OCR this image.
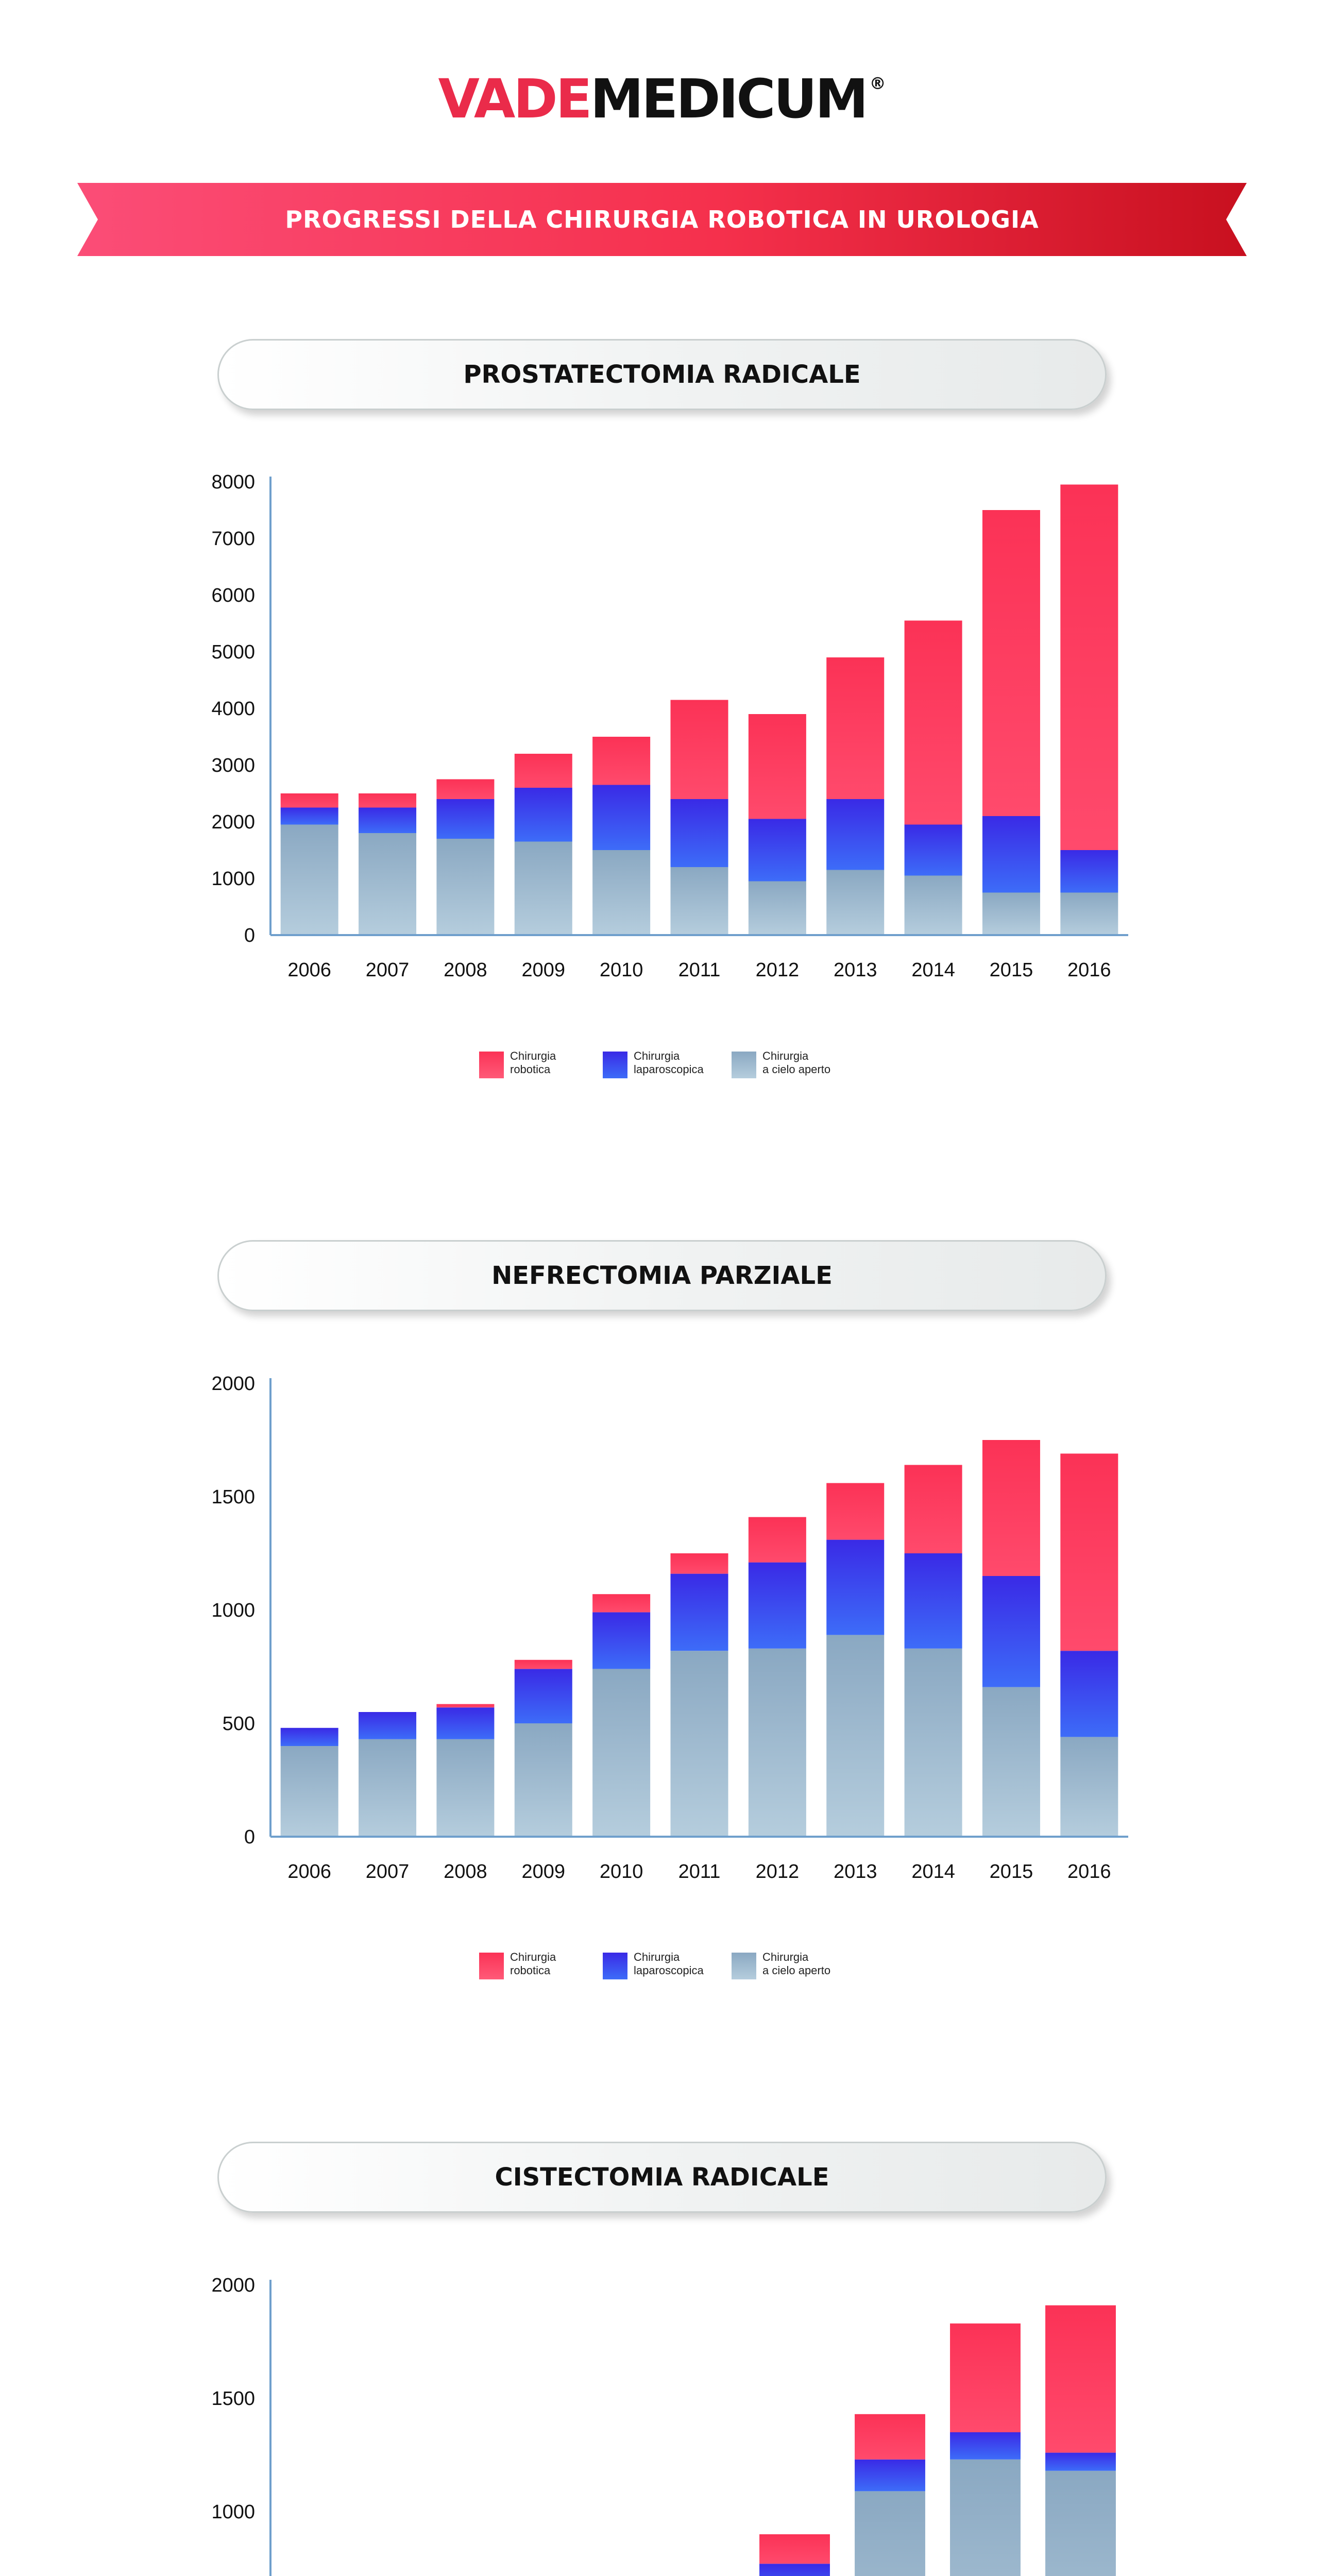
VADEMEDICUM ®
PROGRESSI DELLA CHIRURGIA ROBOTICA IN UROLOGIA
PROSTATECTOMIA RADICALE
NEFRECTOMIA PARZIALE
CISTECTOMIA RADICALE
2006 2007 2008 2009 2010 2011 2012 2013 2014 2015 2016
0
1000
2000
3000
4000
5000
6000
7000
8000
2006 2007 2008 2009 2010 2011 2012 2013 2014 2015 2016
0
500
1000
1500
2000
1000
1500
2000
Chirurgia
robotica
Chirurgia
laparoscopica
Chirurgia
a cielo aperto
Chirurgia
robotica
Chirurgia
laparoscopica
Chirurgia
a cielo aperto
